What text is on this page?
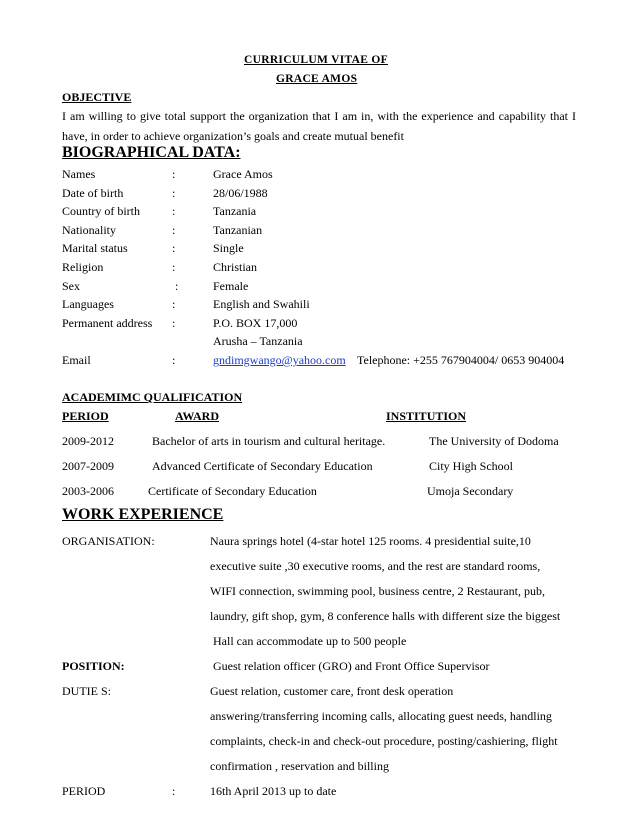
CURRICULUM VITAE OF
GRACE AMOS
OBJECTIVE
I am willing to give total support the organization that I am in, with the experience and capability that I have, in order to achieve organization’s goals and create mutual benefit
BIOGRAPHICAL DATA:
Names	:	Grace Amos
Date of birth	:	28/06/1988
Country of birth	:	Tanzania
Nationality	:	Tanzanian
Marital status	:	Single
Religion	:	Christian
Sex	:	Female
Languages	:	English and Swahili
Permanent address :	P.O. BOX 17,000
Arusha – Tanzania
Email	:	gndimgwango@yahoo.com Telephone: +255 767904004/ 0653 904004
ACADEMIMC QUALIFICATION
PERIOD	AWARD	INSTITUTION
2009-2012	Bachelor of arts in tourism and cultural heritage.	The University of Dodoma
2007-2009	Advanced Certificate of Secondary Education	City High School
2003-2006	Certificate of Secondary Education	Umoja Secondary
WORK EXPERIENCE
ORGANISATION:	Naura springs hotel (4-star hotel 125 rooms. 4 presidential suite,10
executive suite ,30 executive rooms, and the rest are standard rooms,
WIFI connection, swimming pool, business centre, 2 Restaurant, pub,
laundry, gift shop, gym, 8 conference halls with different size the biggest
Hall can accommodate up to 500 people
POSITION:	Guest relation officer (GRO) and Front Office Supervisor
DUTIE S:	Guest relation, customer care, front desk operation
answering/transferring incoming calls, allocating guest needs, handling
complaints, check-in and check-out procedure, posting/cashiering, flight
confirmation , reservation and billing
PERIOD	:	16th April 2013 up to date
